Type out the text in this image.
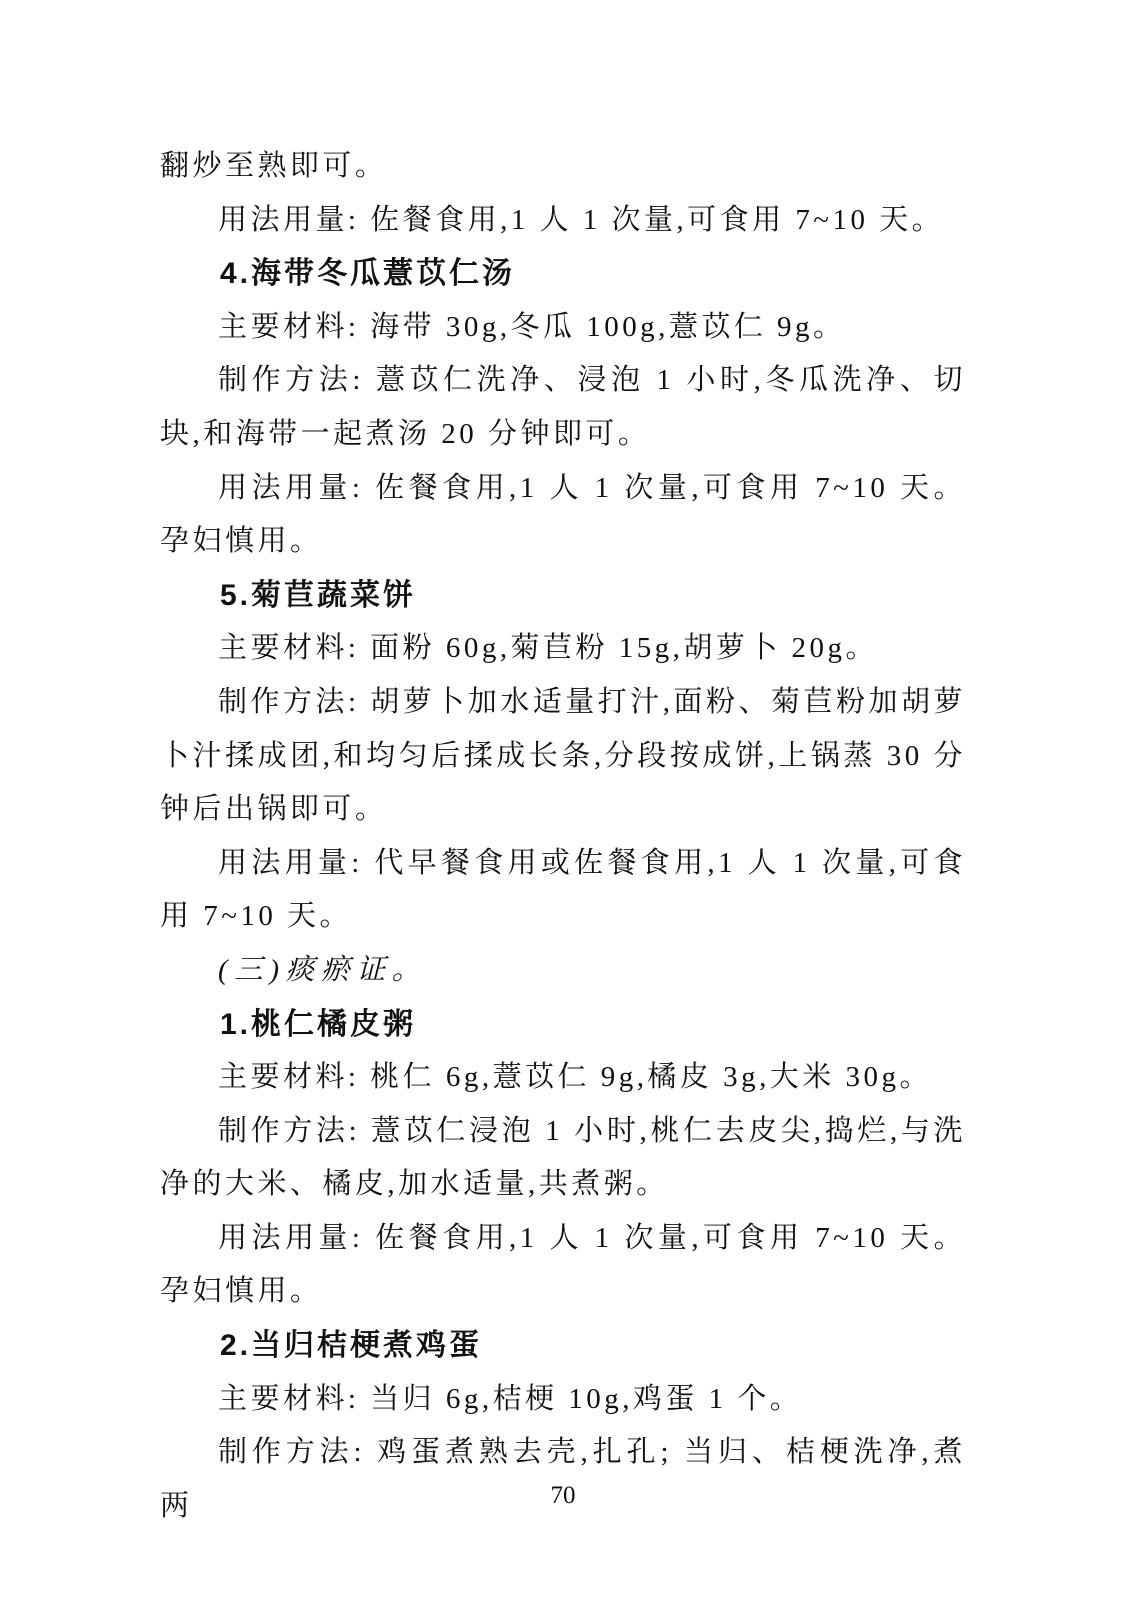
翻炒至熟即可。

用法用量: 佐餐食用,1 人 1 次量,可食用 7~10 天。

4.海带冬瓜薏苡仁汤

主要材料: 海带 30g,冬瓜 100g,薏苡仁 9g。

制作方法: 薏苡仁洗净、浸泡 1 小时,冬瓜洗净、切块,和海带一起煮汤 20 分钟即可。

用法用量: 佐餐食用,1 人 1 次量,可食用 7~10 天。孕妇慎用。

5.菊苣蔬菜饼

主要材料: 面粉 60g,菊苣粉 15g,胡萝卜 20g。

制作方法: 胡萝卜加水适量打汁,面粉、菊苣粉加胡萝卜汁揉成团,和均匀后揉成长条,分段按成饼,上锅蒸 30 分钟后出锅即可。

用法用量: 代早餐食用或佐餐食用,1 人 1 次量,可食用 7~10 天。

(三)痰瘀证。

1.桃仁橘皮粥

主要材料: 桃仁 6g,薏苡仁 9g,橘皮 3g,大米 30g。

制作方法: 薏苡仁浸泡 1 小时,桃仁去皮尖,捣烂,与洗净的大米、橘皮,加水适量,共煮粥。

用法用量: 佐餐食用,1 人 1 次量,可食用 7~10 天。孕妇慎用。

2.当归桔梗煮鸡蛋

主要材料: 当归 6g,桔梗 10g,鸡蛋 1 个。

制作方法: 鸡蛋煮熟去壳,扎孔; 当归、桔梗洗净,煮两	70
